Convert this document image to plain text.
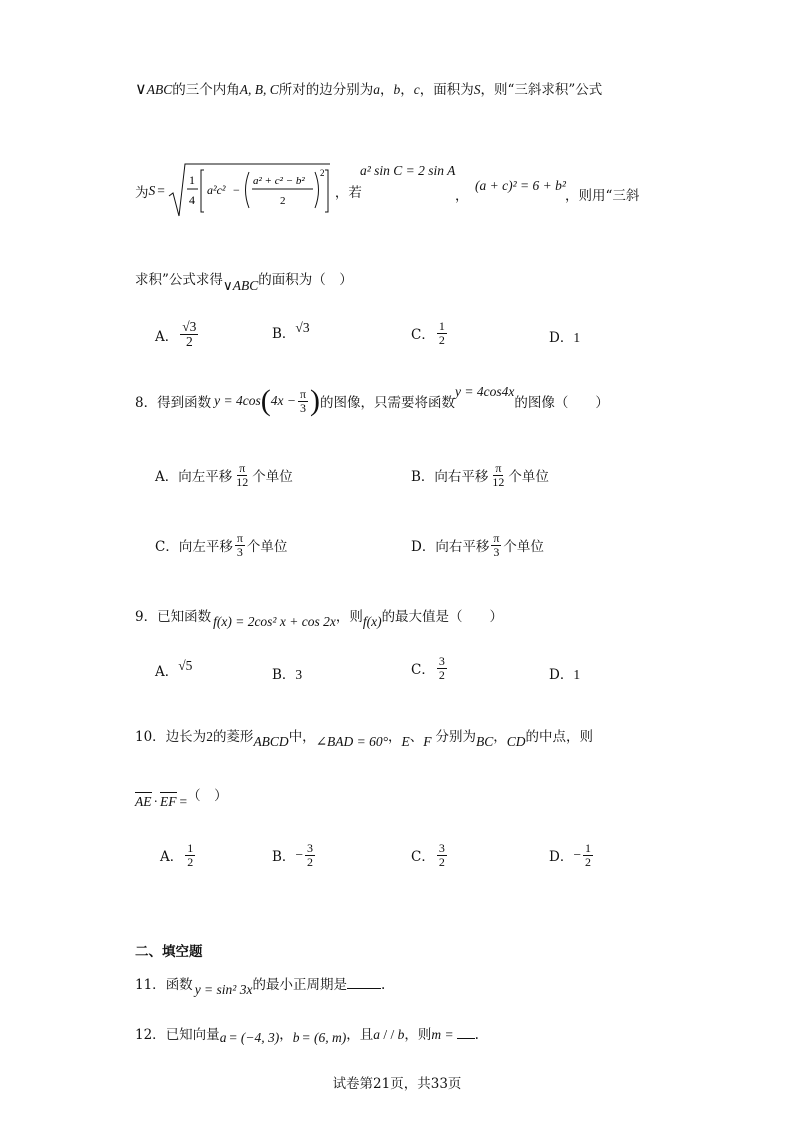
∨ABC的三个内角A, B, C所对的边分别为a，b，c，面积为S，则“三斜求积”公式
为 S =
1
4
a²c² −
a² + c² − b²
2
2
，若
a² sin C = 2 sin A
，
(a + c)² = 6 + b²
，则用“三斜
求积”公式求得∨ABC的面积为（　）
A． $\frac{√3}{2}$	B．√3	C． $\frac{1}{2}$	D．1
8． 得到函数 y = 4cos ( $4x - \frac{\pi}{3}$ ) 的图像，只需要将函数
y = 4cos4x
的图像（　　）
A．向左平移 $\frac{\pi}{12}$ 个单位	B．向右平移 $\frac{\pi}{12}$ 个单位
C．向左平移 $\frac{\pi}{3}$ 个单位	D．向右平移 $\frac{\pi}{3}$ 个单位
9．已知函数 f(x) = 2cos² x + cos 2x，则f(x)的最大值是（　　）
A．√5
B．3	C． $\frac{3}{2}$	D．1
10．边长为2的菱形ABCD中，∠BAD = 60°，E、F 分别为BC，CD的中点，则
AE · EF =（　）
A． $\frac{1}{2}$	B． − $\frac{3}{2}$	C． $\frac{3}{2}$	D． − $\frac{1}{2}$
二、填空题
11．函数 y = sin² 3x的最小正周期是	.
12．已知向量a = (−4, 3)，b = (6, m)，且a / / b，则m = .
试卷第21页，共33页
